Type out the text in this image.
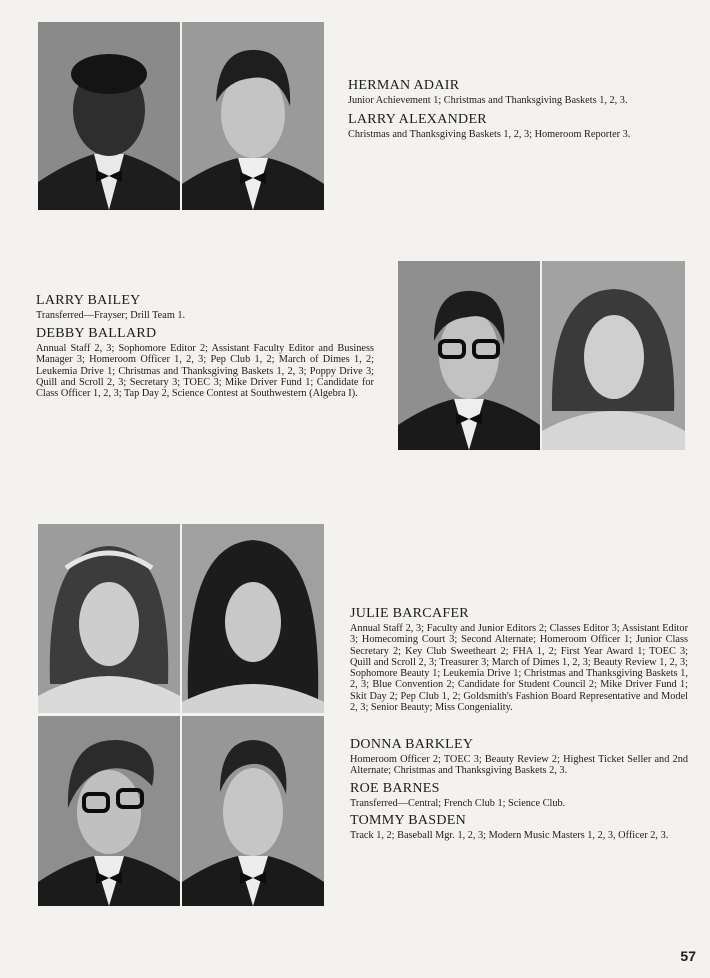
HERMAN ADAIR

Junior Achievement 1; Christmas and Thanksgiving Baskets 1, 2, 3.

LARRY ALEXANDER

Christmas and Thanksgiving Baskets 1, 2, 3; Homeroom Reporter 3.

LARRY BAILEY

Transferred—Frayser; Drill Team 1.

DEBBY BALLARD

Annual Staff 2, 3; Sophomore Editor 2; Assistant Faculty Editor and Business Manager 3; Homeroom Officer 1, 2, 3; Pep Club 1, 2; March of Dimes 1, 2; Leukemia Drive 1; Christmas and Thanksgiving Baskets 1, 2, 3; Poppy Drive 3; Quill and Scroll 2, 3; Secretary 3; TOEC 3; Mike Driver Fund 1; Candidate for Class Officer 1, 2, 3; Tap Day 2, Science Contest at Southwestern (Algebra I).

JULIE BARCAFER

Annual Staff 2, 3; Faculty and Junior Editors 2; Classes Editor 3; Assistant Editor 3; Homecoming Court 3; Second Alternate; Homeroom Officer 1; Junior Class Secretary 2; Key Club Sweetheart 2; FHA 1, 2; First Year Award 1; TOEC 3; Quill and Scroll 2, 3; Treasurer 3; March of Dimes 1, 2, 3; Beauty Review 1, 2, 3; Sophomore Beauty 1; Leukemia Drive 1; Christmas and Thanksgiving Baskets 1, 2, 3; Blue Convention 2; Candidate for Student Council 2; Mike Driver Fund 1; Skit Day 2; Pep Club 1, 2; Goldsmith's Fashion Board Representative and Model 2, 3; Senior Beauty; Miss Congeniality.

DONNA BARKLEY

Homeroom Officer 2; TOEC 3; Beauty Review 2; Highest Ticket Seller and 2nd Alternate; Christmas and Thanksgiving Baskets 2, 3.

ROE BARNES

Transferred—Central; French Club 1; Science Club.

TOMMY BASDEN

Track 1, 2; Baseball Mgr. 1, 2, 3; Modern Music Masters 1, 2, 3, Officer 2, 3.

57
